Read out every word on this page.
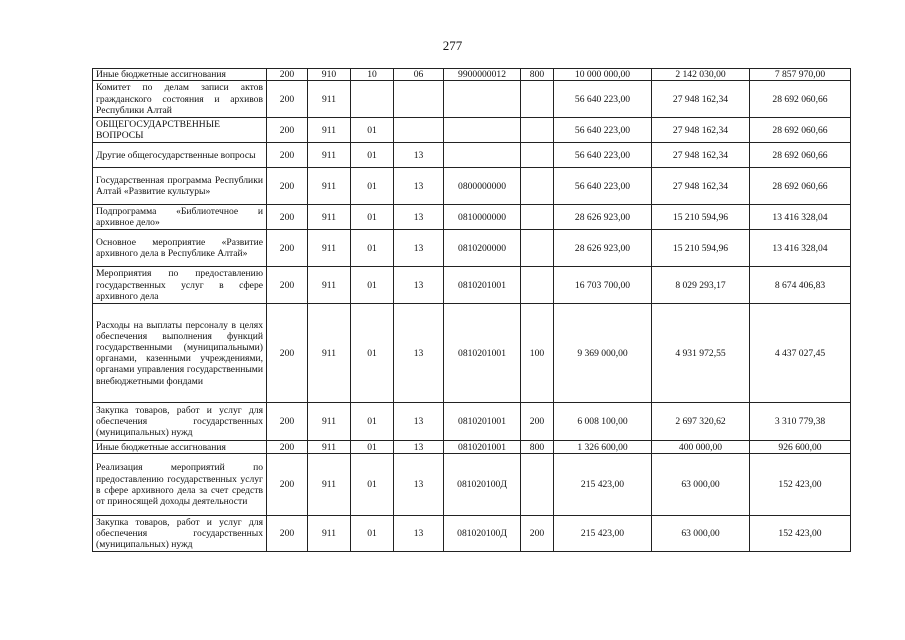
277
Иные бюджетные ассигнования	200	910	10	06	9900000012	800	10 000 000,00	2 142 030,00	7 857 970,00
Комитет по делам записи актов гражданского состояния и архивов Республики Алтай	200	911					56 640 223,00	27 948 162,34	28 692 060,66
ОБЩЕГОСУДАРСТВЕННЫЕ ВОПРОСЫ	200	911	01				56 640 223,00	27 948 162,34	28 692 060,66
Другие общегосударственные вопросы	200	911	01	13			56 640 223,00	27 948 162,34	28 692 060,66
Государственная программа Республики Алтай «Развитие культуры»	200	911	01	13	0800000000		56 640 223,00	27 948 162,34	28 692 060,66
Подпрограмма «Библиотечное и архивное дело»	200	911	01	13	0810000000		28 626 923,00	15 210 594,96	13 416 328,04
Основное мероприятие «Развитие архивного дела в Республике Алтай»	200	911	01	13	0810200000		28 626 923,00	15 210 594,96	13 416 328,04
Мероприятия по предоставлению государственных услуг в сфере архивного дела	200	911	01	13	0810201001		16 703 700,00	8 029 293,17	8 674 406,83
Расходы на выплаты персоналу в целях обеспечения выполнения функций государственными (муниципальными) органами, казенными учреждениями, органами управления государственными внебюджетными фондами	200	911	01	13	0810201001	100	9 369 000,00	4 931 972,55	4 437 027,45
Закупка товаров, работ и услуг для обеспечения государственных (муниципальных) нужд	200	911	01	13	0810201001	200	6 008 100,00	2 697 320,62	3 310 779,38
Иные бюджетные ассигнования	200	911	01	13	0810201001	800	1 326 600,00	400 000,00	926 600,00
Реализация мероприятий по предоставлению государственных услуг в сфере архивного дела за счет средств от приносящей доходы деятельности	200	911	01	13	081020100Д		215 423,00	63 000,00	152 423,00
Закупка товаров, работ и услуг для обеспечения государственных (муниципальных) нужд	200	911	01	13	081020100Д	200	215 423,00	63 000,00	152 423,00
